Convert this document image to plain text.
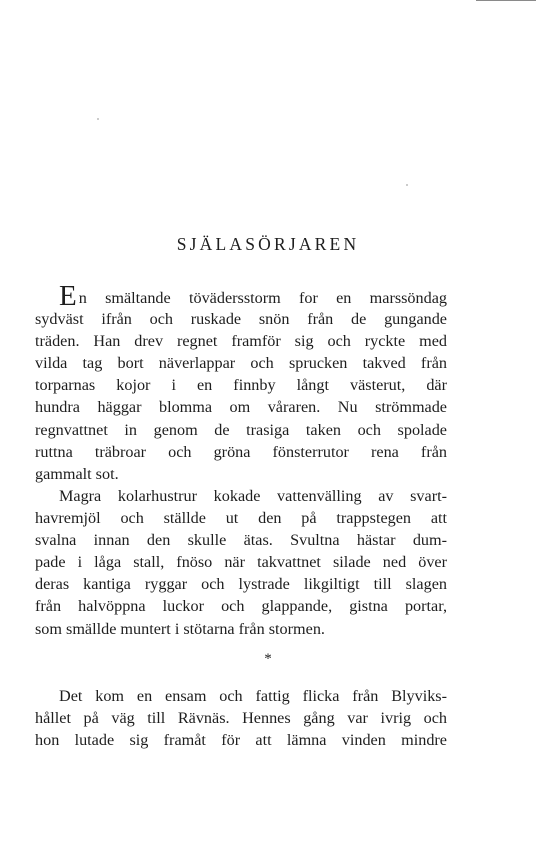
SJÄLASÖRJAREN
En smältande tövädersstorm for en marssöndag
sydväst ifrån och ruskade snön från de gungande
träden. Han drev regnet framför sig och ryckte med
vilda tag bort näverlappar och sprucken takved från
torparnas kojor i en finnby långt västerut, där
hundra häggar blomma om våraren. Nu strömmade
regnvattnet in genom de trasiga taken och spolade
ruttna träbroar och gröna fönsterrutor rena från
gammalt sot.
Magra kolarhustrur kokade vattenvälling av svart-
havremjöl och ställde ut den på trappstegen att
svalna innan den skulle ätas. Svultna hästar dum-
pade i låga stall, fnöso när takvattnet silade ned över
deras kantiga ryggar och lystrade likgiltigt till slagen
från halvöppna luckor och glappande, gistna portar,
som smällde muntert i stötarna från stormen.
*
Det kom en ensam och fattig flicka från Blyviks-
hållet på väg till Rävnäs. Hennes gång var ivrig och
hon lutade sig framåt för att lämna vinden mindre
